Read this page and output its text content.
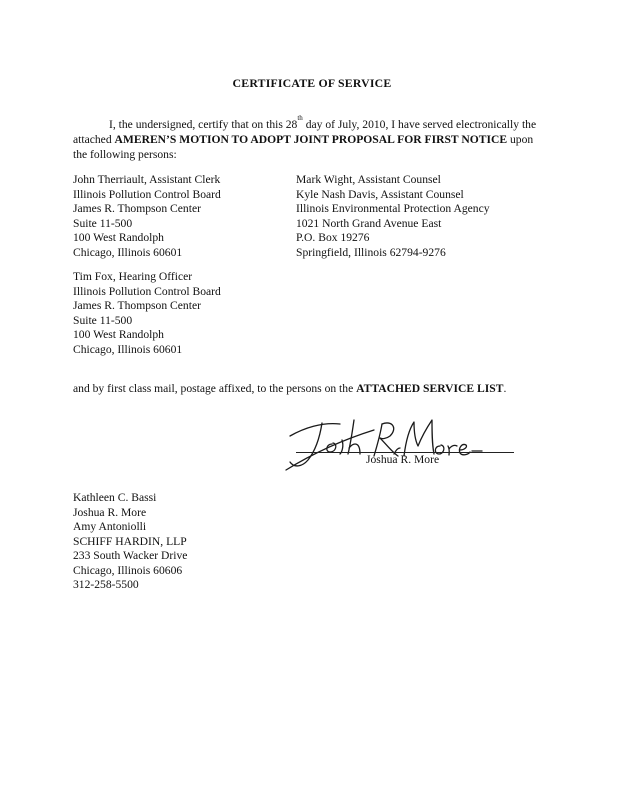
CERTIFICATE OF SERVICE
I, the undersigned, certify that on this 28th day of July, 2010, I have served electronically the attached AMEREN’S MOTION TO ADOPT JOINT PROPOSAL FOR FIRST NOTICE upon the following persons:
John Therriault, Assistant Clerk
Illinois Pollution Control Board
James R. Thompson Center
Suite 11-500
100 West Randolph
Chicago, Illinois 60601
Mark Wight, Assistant Counsel
Kyle Nash Davis, Assistant Counsel
Illinois Environmental Protection Agency
1021 North Grand Avenue East
P.O. Box 19276
Springfield, Illinois 62794-9276
Tim Fox, Hearing Officer
Illinois Pollution Control Board
James R. Thompson Center
Suite 11-500
100 West Randolph
Chicago, Illinois 60601
and by first class mail, postage affixed, to the persons on the ATTACHED SERVICE LIST.
Joshua R. More
Kathleen C. Bassi
Joshua R. More
Amy Antoniolli
SCHIFF HARDIN, LLP
233 South Wacker Drive
Chicago, Illinois 60606
312-258-5500
